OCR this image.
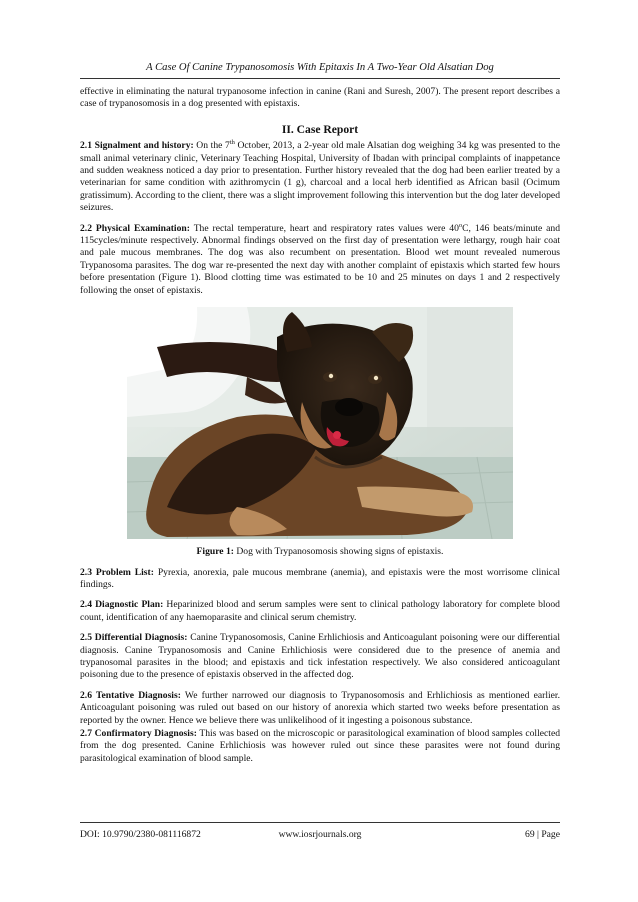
A Case Of Canine Trypanosomosis With Epitaxis In A Two-Year Old Alsatian Dog

effective in eliminating the natural trypanosome infection in canine (Rani and Suresh, 2007). The present report describes a case of trypanosomosis in a dog presented with epistaxis.

II. Case Report

2.1 Signalment and history: On the 7th October, 2013, a 2-year old male Alsatian dog weighing 34 kg was presented to the small animal veterinary clinic, Veterinary Teaching Hospital, University of Ibadan with principal complaints of inappetance and sudden weakness noticed a day prior to presentation. Further history revealed that the dog had been earlier treated by a veterinarian for same condition with azithromycin (1 g), charcoal and a local herb identified as African basil (Ocimum gratissimum). According to the client, there was a slight improvement following this intervention but the dog later developed seizures.

2.2 Physical Examination: The rectal temperature, heart and respiratory rates values were 40$^o$C, 146 beats/minute and 115cycles/minute respectively. Abnormal findings observed on the first day of presentation were lethargy, rough hair coat and pale mucous membranes. The dog was also recumbent on presentation. Blood wet mount revealed numerous Trypanosoma parasites. The dog war re-presented the next day with another complaint of epistaxis which started few hours before presentation (Figure 1). Blood clotting time was estimated to be 10 and 25 minutes on days 1 and 2 respectively following the onset of epistaxis.

Figure 1: Dog with Trypanosomosis showing signs of epistaxis.

2.3 Problem List: Pyrexia, anorexia, pale mucous membrane (anemia), and epistaxis were the most worrisome clinical findings.

2.4 Diagnostic Plan: Heparinized blood and serum samples were sent to clinical pathology laboratory for complete blood count, identification of any haemoparasite and clinical serum chemistry.

2.5 Differential Diagnosis: Canine Trypanosomosis, Canine Erhlichiosis and Anticoagulant poisoning were our differential diagnosis. Canine Trypanosomosis and Canine Erhlichiosis were considered due to the presence of anemia and trypanosomal parasites in the blood; and epistaxis and tick infestation respectively. We also considered anticoagulant poisoning due to the presence of epistaxis observed in the affected dog.

2.6 Tentative Diagnosis: We further narrowed our diagnosis to Trypanosomosis and Erhlichiosis as mentioned earlier. Anticoagulant poisoning was ruled out based on our history of anorexia which started two weeks before presentation as reported by the owner. Hence we believe there was unlikelihood of it ingesting a poisonous substance.

2.7 Confirmatory Diagnosis: This was based on the microscopic or parasitological examination of blood samples collected from the dog presented. Canine Erhlichiosis was however ruled out since these parasites were not found during parasitological examination of blood sample.

DOI: 10.9790/2380-081116872	www.iosrjournals.org	69 | Page
